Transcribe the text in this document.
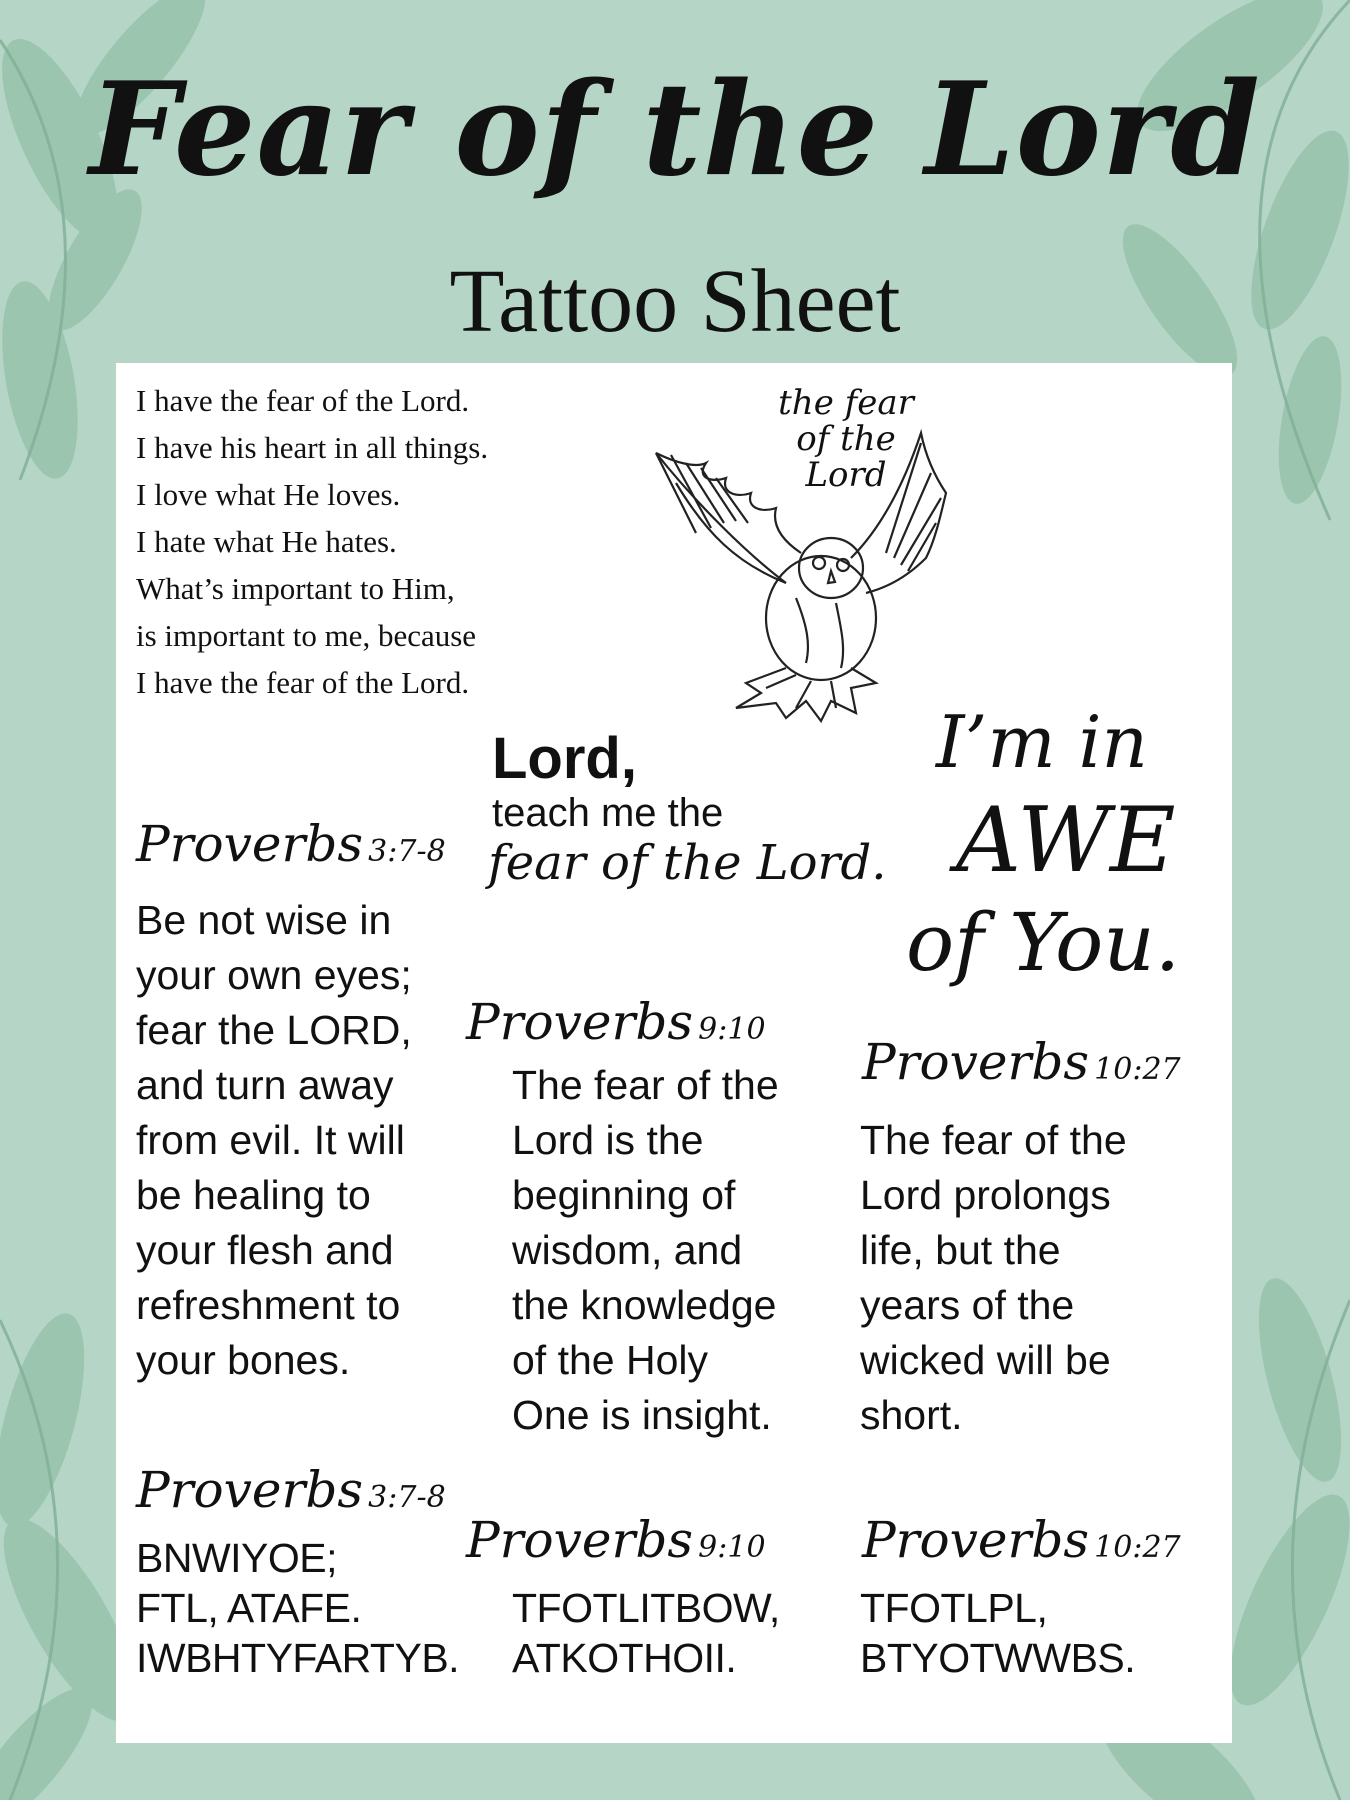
Fear of the Lord
Tattoo Sheet
I have the fear of the Lord.
I have his heart in all things.
I love what He loves.
I hate what He hates.
What’s important to Him,
is important to me, because
I have the fear of the Lord.
the fear
of the
Lord
Lord,
teach me the
fear of the Lord.
I’m in
AWE
of You.
Proverbs 3:7-8
Be not wise in
your own eyes;
fear the LORD,
and turn away
from evil. It will
be healing to
your flesh and
refreshment to
your bones.
Proverbs 9:10
The fear of the
Lord is the
beginning of
wisdom, and
the knowledge
of the Holy
One is insight.
Proverbs 10:27
The fear of the
Lord prolongs
life, but the
years of the
wicked will be
short.
Proverbs 3:7-8
BNWIYOE;
FTL, ATAFE.
IWBHTYFARTYB.
Proverbs 9:10
TFOTLITBOW,
ATKOTHOII.
Proverbs 10:27
TFOTLPL,
BTYOTWWBS.
